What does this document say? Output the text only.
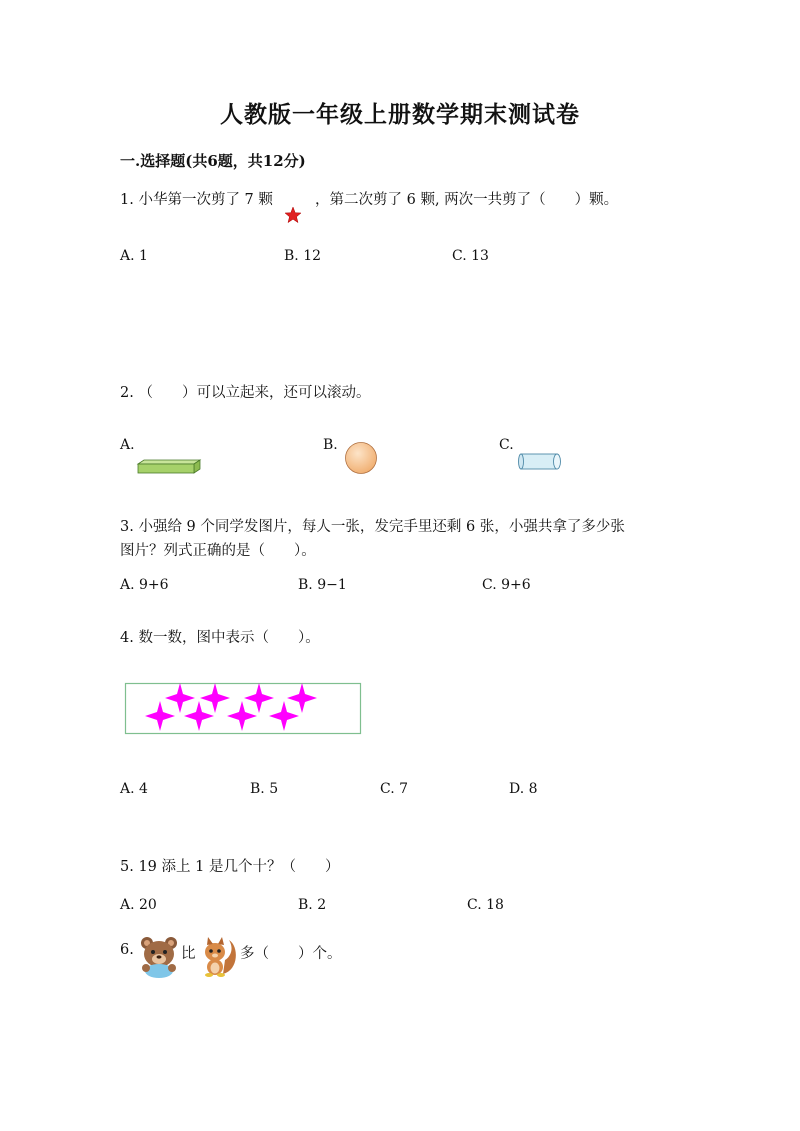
人教版一年级上册数学期末测试卷
一.选择题(共6题，共12分)
1. 小华第一次剪了 7 颗	，第二次剪了 6 颗, 两次一共剪了（　　）颗。
A. 1	B. 12	C. 13
2. （　　）可以立起来，还可以滚动。
A.	B.	C.
3. 小强给 9 个同学发图片，每人一张，发完手里还剩 6 张，小强共拿了多少张
图片？列式正确的是（　　）。
A. 9+6	B. 9−1	C. 9+6
4. 数一数，图中表示（　　）。
A. 4	B. 5	C. 7	D. 8
5. 19 添上 1 是几个十？（　　）
A. 20	B. 2	C. 18
6.	比	多（　　）个。
